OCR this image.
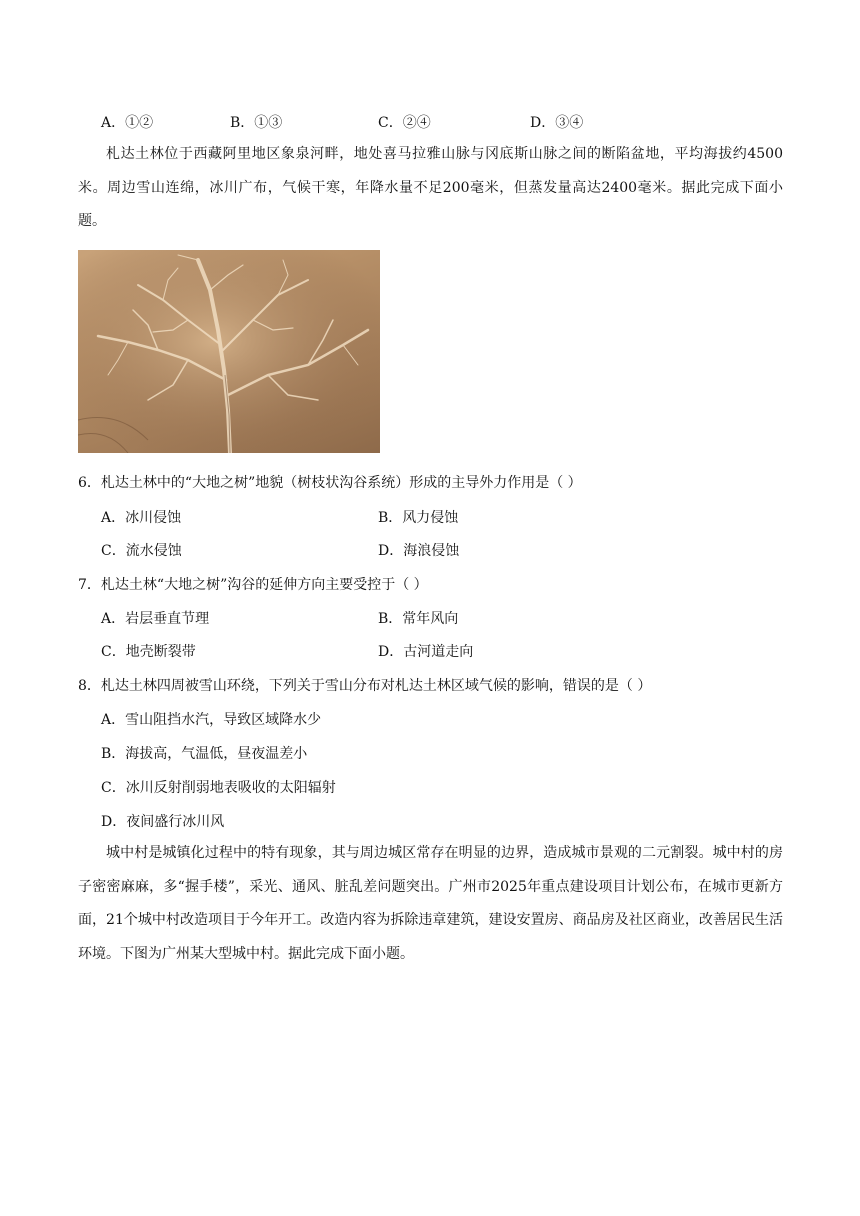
A．①②	B．①③	C．②④	D．③④
札达土林位于西藏阿里地区象泉河畔，地处喜马拉雅山脉与冈底斯山脉之间的断陷盆地，平均海拔约4500米。周边雪山连绵，冰川广布，气候干寒，年降水量不足200毫米，但蒸发量高达2400毫米。据此完成下面小题。
6．札达土林中的“大地之树”地貌（树枝状沟谷系统）形成的主导外力作用是（ ）
A．冰川侵蚀	B．风力侵蚀
C．流水侵蚀	D．海浪侵蚀
7．札达土林“大地之树”沟谷的延伸方向主要受控于（ ）
A．岩层垂直节理	B．常年风向
C．地壳断裂带	D．古河道走向
8．札达土林四周被雪山环绕，下列关于雪山分布对札达土林区域气候的影响，错误的是（ ）
A．雪山阻挡水汽，导致区域降水少
B．海拔高，气温低，昼夜温差小
C．冰川反射削弱地表吸收的太阳辐射
D．夜间盛行冰川风
城中村是城镇化过程中的特有现象，其与周边城区常存在明显的边界，造成城市景观的二元割裂。城中村的房子密密麻麻，多“握手楼”，采光、通风、脏乱差问题突出。广州市2025年重点建设项目计划公布，在城市更新方面，21个城中村改造项目于今年开工。改造内容为拆除违章建筑，建设安置房、商品房及社区商业，改善居民生活环境。下图为广州某大型城中村。据此完成下面小题。
